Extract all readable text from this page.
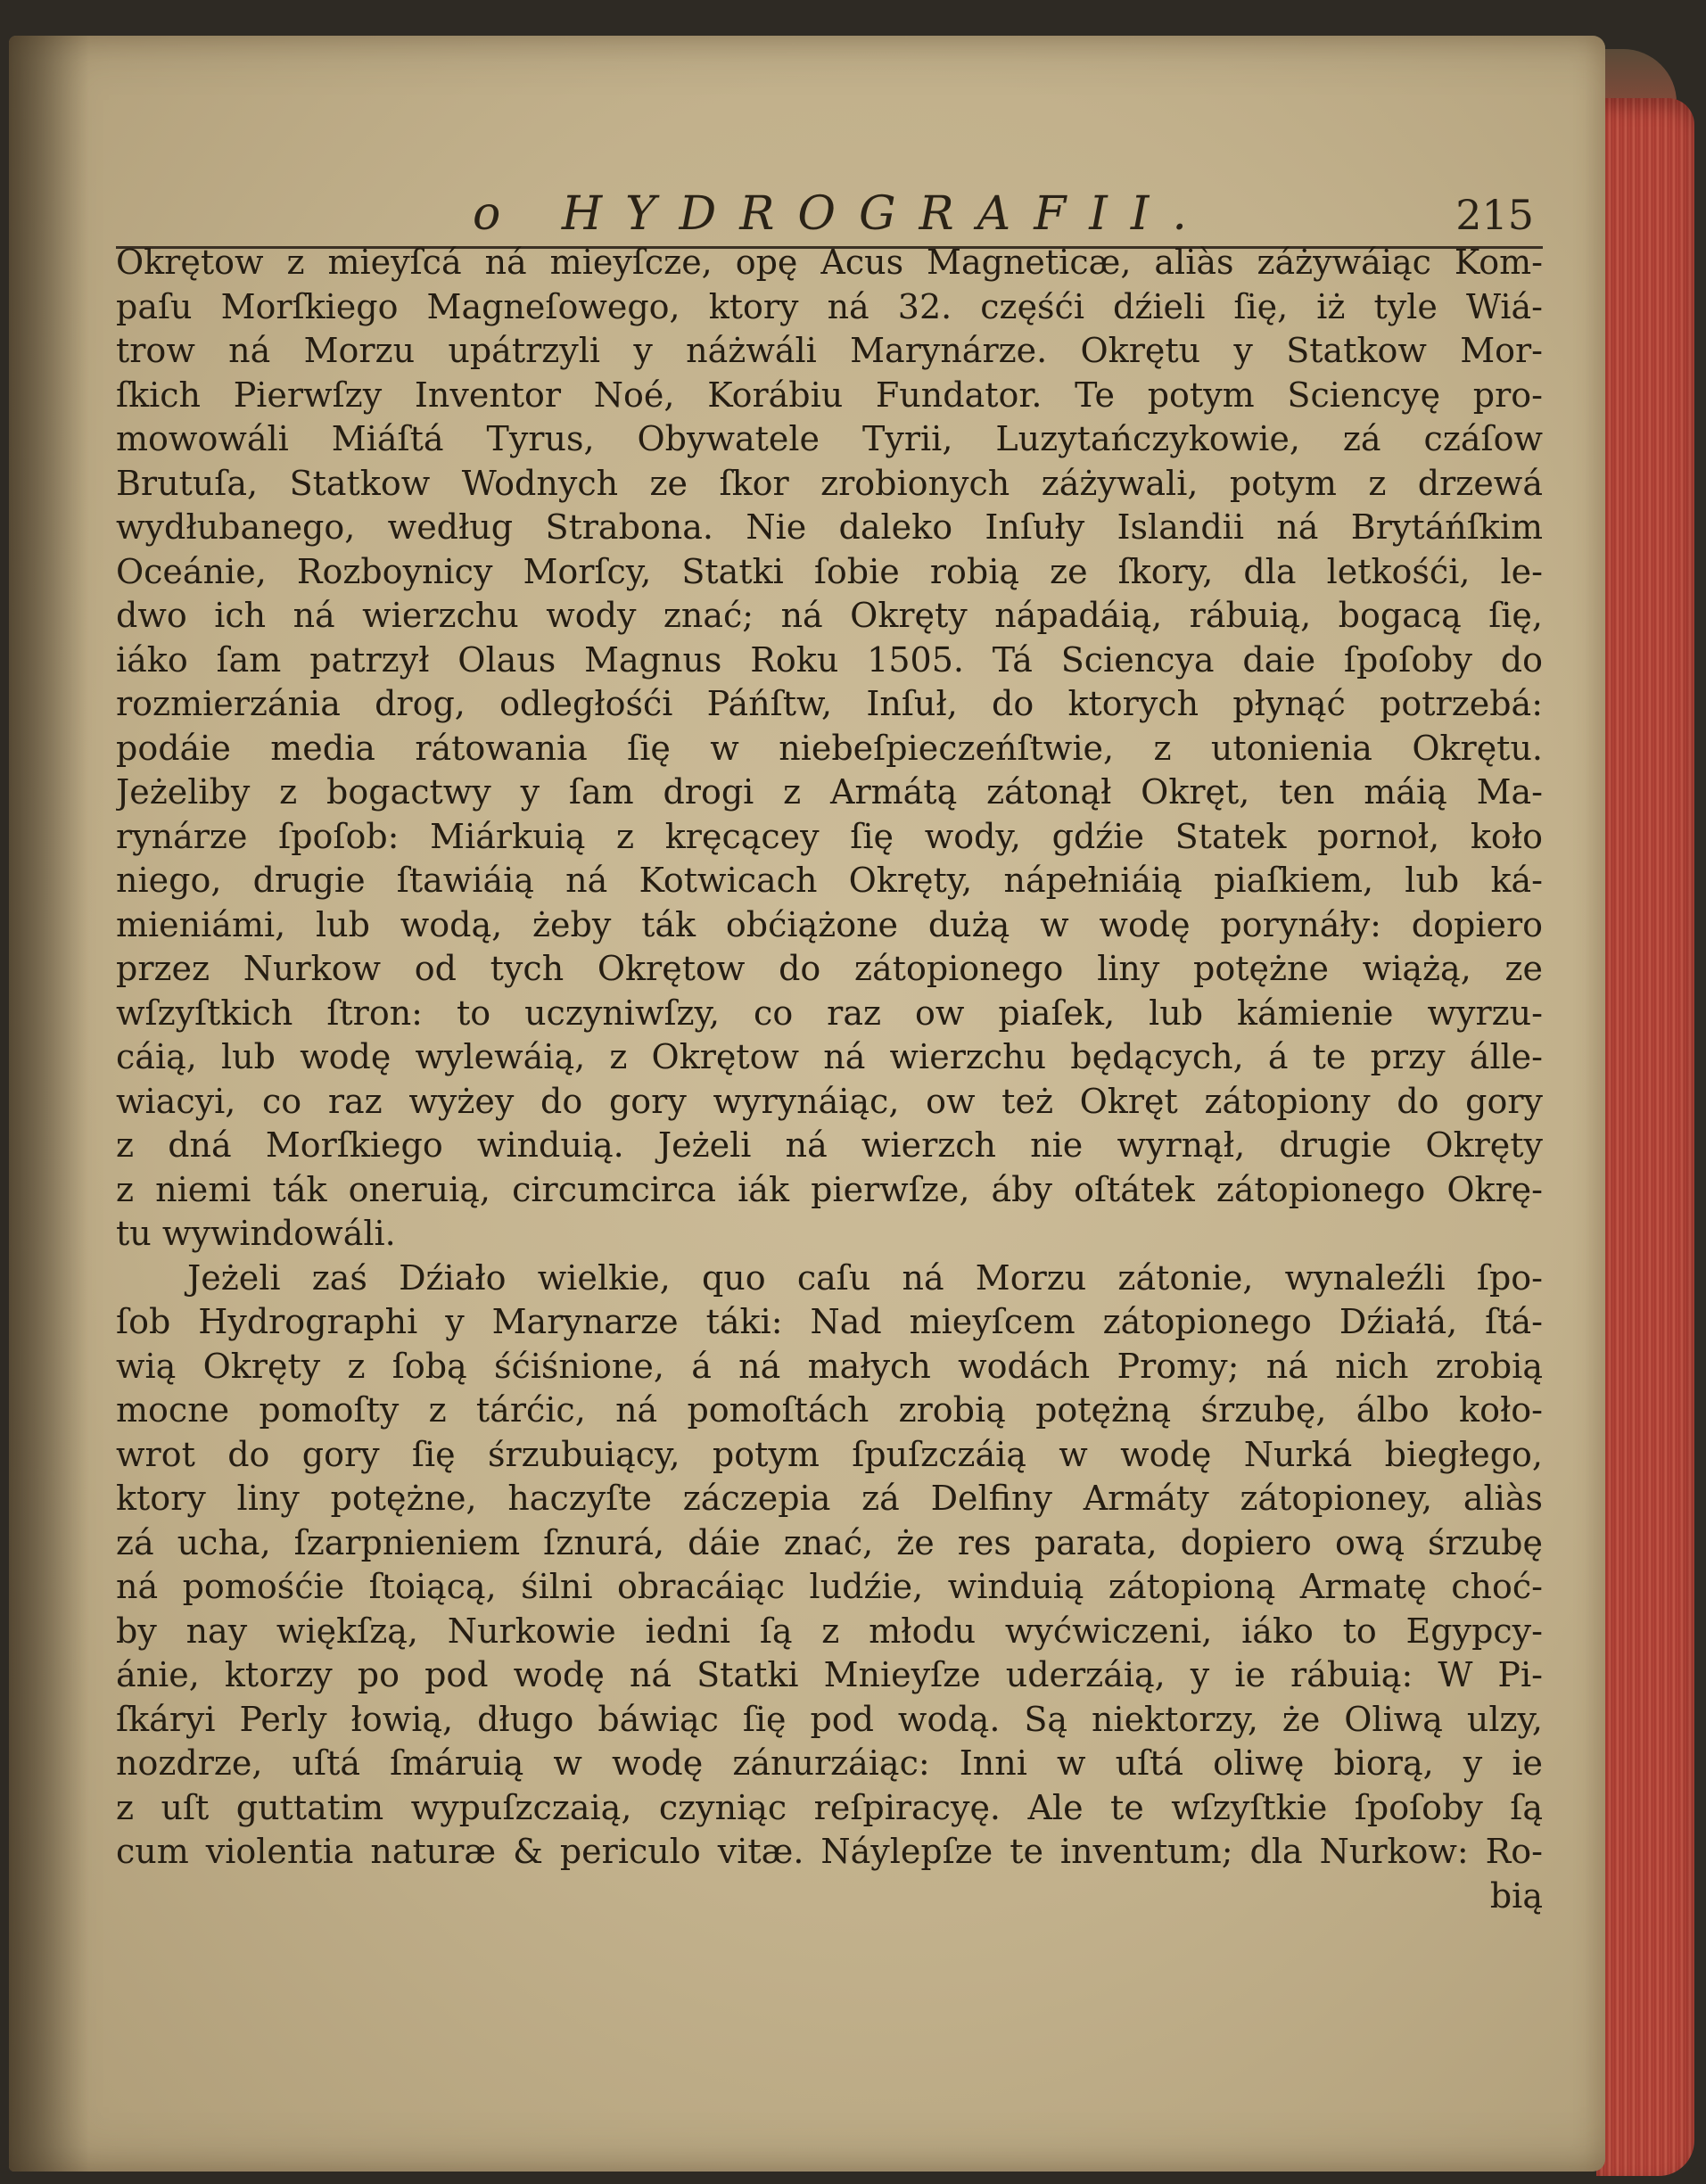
o HYDROGRAFII.	215
Okrętow z mieyſcá ná mieyſcze, opę Acus Magneticæ, aliàs záżywáiąc Kom-
paſu Morſkiego Magneſowego, ktory ná 32. częśći dźieli ſię, iż tyle Wiá-
trow ná Morzu upátrzyli y náżwáli Marynárze. Okrętu y Statkow Mor-
ſkich Pierwſzy Inventor Noé, Korábiu Fundator. Te potym Sciencyę pro-
mowowáli Miáſtá Tyrus, Obywatele Tyrii, Luzytańczykowie, zá czáſow
Brutuſa, Statkow Wodnych ze ſkor zrobionych záżywali, potym z drzewá
wydłubanego, według Strabona. Nie daleko Inſuły Islandii ná Brytáńſkim
Oceánie, Rozboynicy Morſcy, Statki ſobie robią ze ſkory, dla letkośći, le-
dwo ich ná wierzchu wody znać; ná Okręty nápadáią, rábuią, bogacą ſię,
iáko ſam patrzył Olaus Magnus Roku 1505. Tá Sciencya daie ſpoſoby do
rozmierzánia drog, odległośći Páńſtw, Inſuł, do ktorych płynąć potrzebá:
podáie media rátowania ſię w niebeſpieczeńſtwie, z utonienia Okrętu.
Jeżeliby z bogactwy y ſam drogi z Armátą zátonął Okręt, ten máią Ma-
rynárze ſpoſob: Miárkuią z kręcącey ſię wody, gdźie Statek pornoł, koło
niego, drugie ſtawiáią ná Kotwicach Okręty, nápełniáią piaſkiem, lub ká-
mieniámi, lub wodą, żeby ták obćiążone dużą w wodę porynáły: dopiero
przez Nurkow od tych Okrętow do zátopionego liny potężne wiążą, ze
wſzyſtkich ſtron: to uczyniwſzy, co raz ow piaſek, lub kámienie wyrzu-
cáią, lub wodę wylewáią, z Okrętow ná wierzchu będących, á te przy álle-
wiacyi, co raz wyżey do gory wyrynáiąc, ow też Okręt zátopiony do gory
z dná Morſkiego winduią. Jeżeli ná wierzch nie wyrnął, drugie Okręty
z niemi ták oneruią, circumcirca iák pierwſze, áby oſtátek zátopionego Okrę-
tu wywindowáli.
Jeżeli zaś Dźiało wielkie, quo caſu ná Morzu zátonie, wynaleźli ſpo-
ſob Hydrographi y Marynarze táki: Nad mieyſcem zátopionego Dźiałá, ſtá-
wią Okręty z ſobą śćiśnione, á ná małych wodách Promy; ná nich zrobią
mocne pomoſty z tárćic, ná pomoſtách zrobią potężną śrzubę, álbo koło-
wrot do gory ſię śrzubuiący, potym ſpuſzczáią w wodę Nurká biegłego,
ktory liny potężne, haczyſte záczepia zá Delfiny Armáty zátopioney, aliàs
zá ucha, ſzarpnieniem ſznurá, dáie znać, że res parata, dopiero ową śrzubę
ná pomośćie ſtoiącą, śilni obracáiąc ludźie, winduią zátopioną Armatę choć-
by nay więkſzą, Nurkowie iedni ſą z młodu wyćwiczeni, iáko to Egypcy-
ánie, ktorzy po pod wodę ná Statki Mnieyſze uderzáią, y ie rábuią: W Pi-
ſkáryi Perly łowią, długo báwiąc ſię pod wodą. Są niektorzy, że Oliwą ulzy,
nozdrze, uſtá ſmáruią w wodę zánurzáiąc: Inni w uſtá oliwę biorą, y ie
z uſt guttatim wypuſzczaią, czyniąc reſpiracyę. Ale te wſzyſtkie ſpoſoby ſą
cum violentia naturæ & periculo vitæ. Náylepſze te inventum; dla Nurkow: Ro-
bią
